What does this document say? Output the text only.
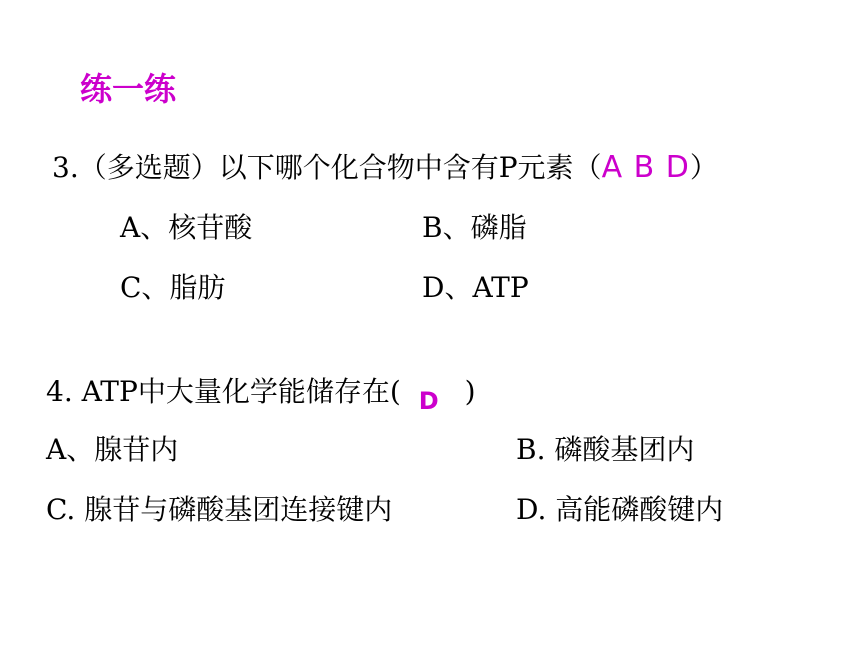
练一练
3.（多选题）以下哪个化合物中含有P元素（A B D）
A、核苷酸	B、磷脂
C、脂肪	D、ATP
4. ATP中大量化学能储存在( D )
A、腺苷内	B. 磷酸基团内
C. 腺苷与磷酸基团连接键内	D. 高能磷酸键内
